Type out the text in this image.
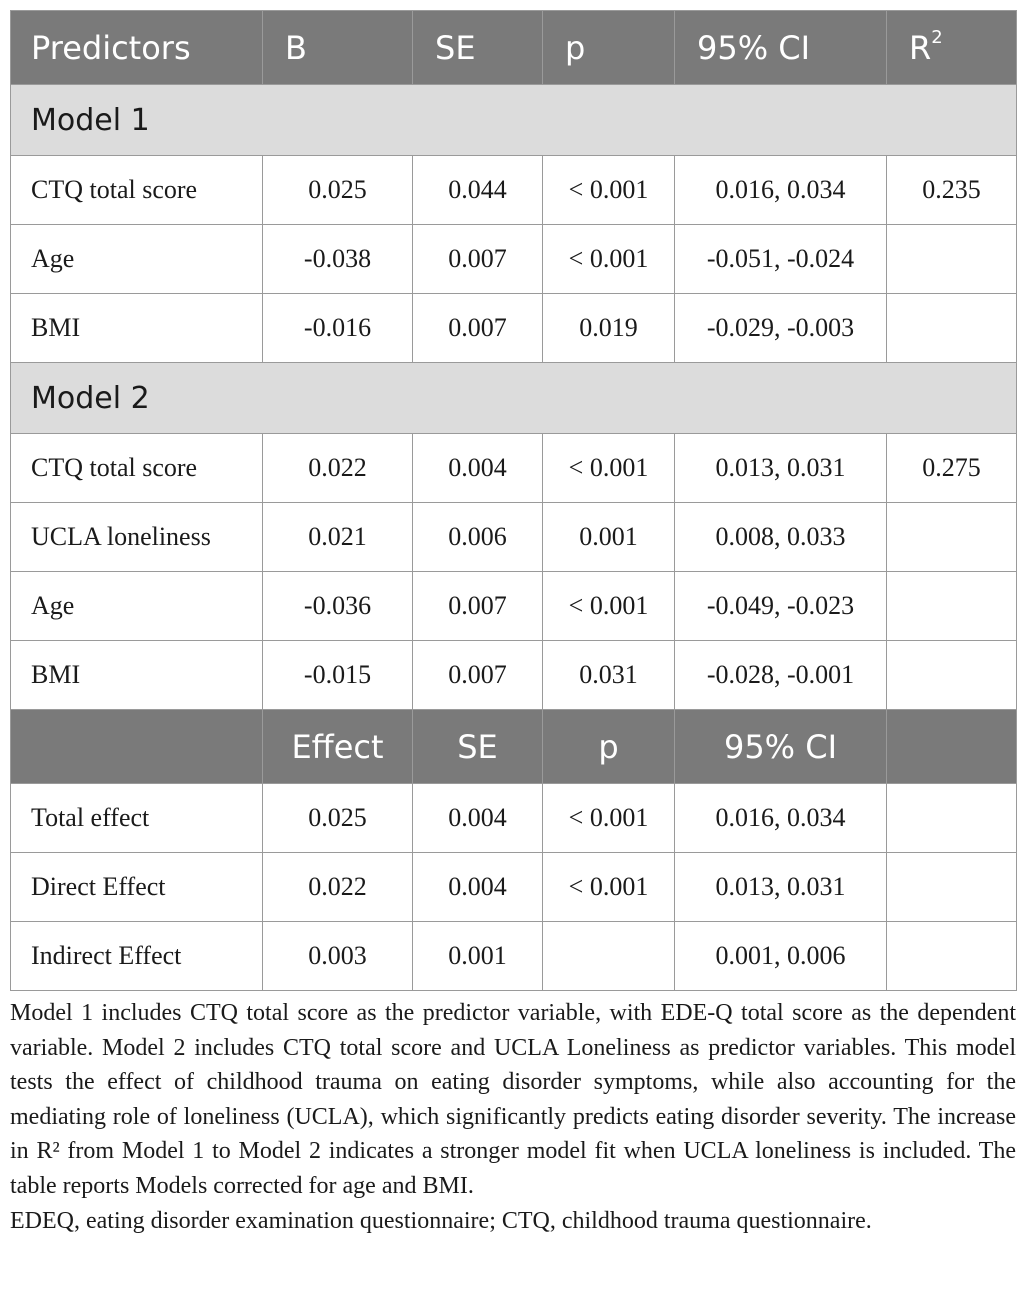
Predictors	B	SE	p	95% CI	$R^2$
Model 1					
CTQ total score	0.025	0.044	< 0.001	0.016, 0.034	0.235
Age	-0.038	0.007	< 0.001	-0.051, -0.024	
BMI	-0.016	0.007	0.019	-0.029, -0.003	
Model 2					
CTQ total score	0.022	0.004	< 0.001	0.013, 0.031	0.275
UCLA loneliness	0.021	0.006	0.001	0.008, 0.033	
Age	-0.036	0.007	< 0.001	-0.049, -0.023	
BMI	-0.015	0.007	0.031	-0.028, -0.001	
	Effect	SE	p	95% CI	
Total effect	0.025	0.004	< 0.001	0.016, 0.034	
Direct Effect	0.022	0.004	< 0.001	0.013, 0.031	
Indirect Effect	0.003	0.001		0.001, 0.006	

Model 1 includes CTQ total score as the predictor variable, with EDE-Q total score as the dependent variable. Model 2 includes CTQ total score and UCLA Loneliness as predictor variables. This model tests the effect of childhood trauma on eating disorder symptoms, while also accounting for the mediating role of loneliness (UCLA), which significantly predicts eating disorder severity. The increase in R² from Model 1 to Model 2 indicates a stronger model fit when UCLA loneliness is included. The table reports Models corrected for age and BMI.

EDEQ, eating disorder examination questionnaire; CTQ, childhood trauma questionnaire.
